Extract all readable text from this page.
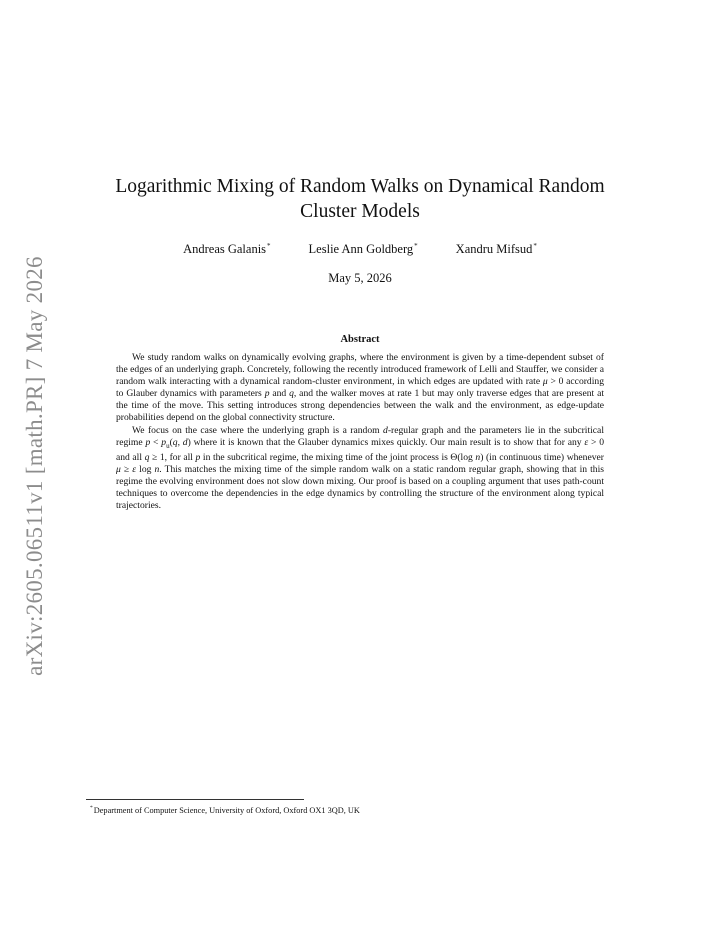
arXiv:2605.06511v1 [math.PR] 7 May 2026
Logarithmic Mixing of Random Walks on Dynamical Random Cluster Models
Andreas Galanis*	Leslie Ann Goldberg*	Xandru Mifsud*
May 5, 2026
Abstract

We study random walks on dynamically evolving graphs, where the environment is given by a time-dependent subset of the edges of an underlying graph. Concretely, following the recently introduced framework of Lelli and Stauffer, we consider a random walk interacting with a dynamical random-cluster environment, in which edges are updated with rate μ > 0 according to Glauber dynamics with parameters p and q, and the walker moves at rate 1 but may only traverse edges that are present at the time of the move. This setting introduces strong dependencies between the walk and the environment, as edge-update probabilities depend on the global connectivity structure.

We focus on the case where the underlying graph is a random d-regular graph and the parameters lie in the subcritical regime $p < p_u(q$, d) where it is known that the Glauber dynamics mixes quickly. Our main result is to show that for any ε > 0 and all q ≥ 1, for all p in the subcritical regime, the mixing time of the joint process is Θ(log n) (in continuous time) whenever μ ≥ ε log n. This matches the mixing time of the simple random walk on a static random regular graph, showing that in this regime the evolving environment does not slow down mixing. Our proof is based on a coupling argument that uses path-count techniques to overcome the dependencies in the edge dynamics by controlling the structure of the environment along typical trajectories.

*Department of Computer Science, University of Oxford, Oxford OX1 3QD, UK
